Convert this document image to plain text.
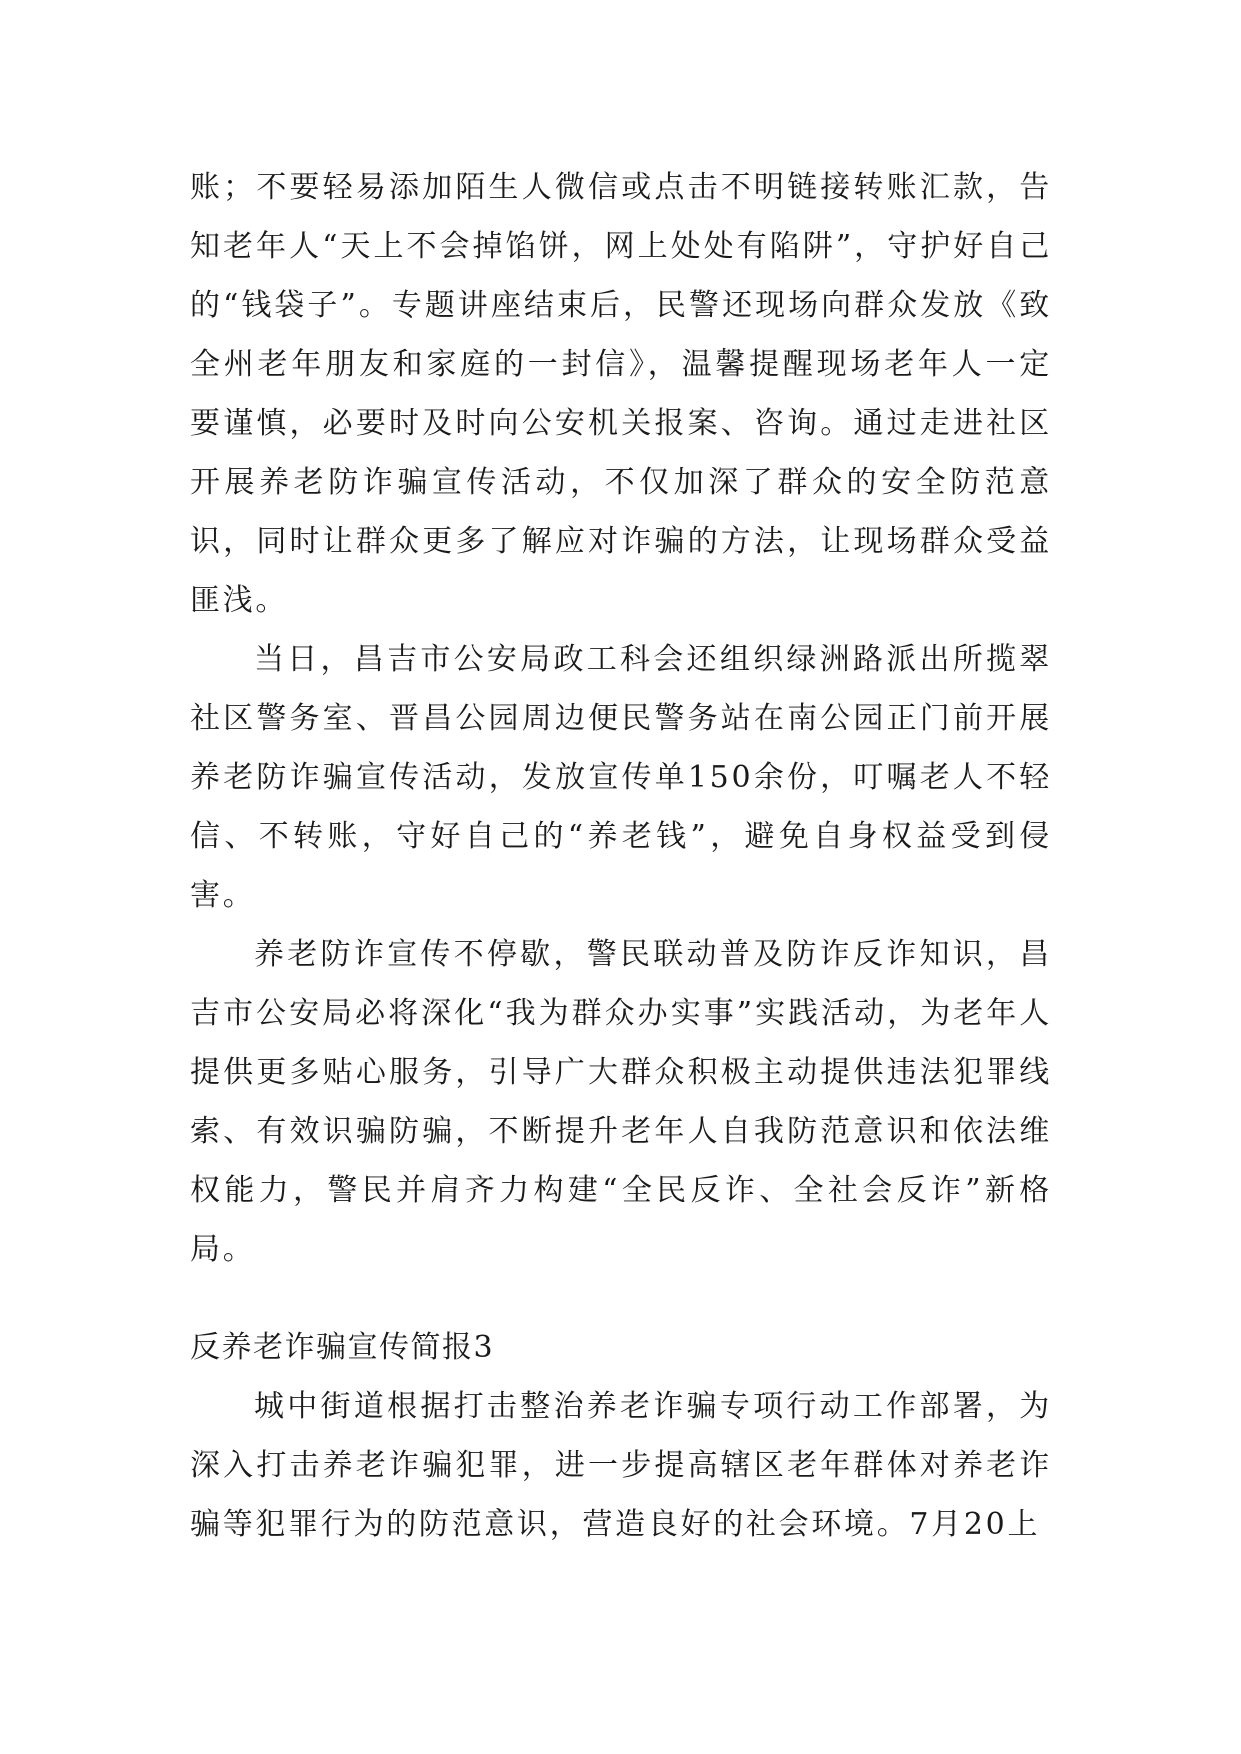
账；不要轻易添加陌生人微信或点击不明链接转账汇款，告知老年人“天上不会掉馅饼，网上处处有陷阱”，守护好自己的“钱袋子”。专题讲座结束后，民警还现场向群众发放《致全州老年朋友和家庭的一封信》，温馨提醒现场老年人一定要谨慎，必要时及时向公安机关报案、咨询。通过走进社区开展养老防诈骗宣传活动，不仅加深了群众的安全防范意识，同时让群众更多了解应对诈骗的方法，让现场群众受益匪浅。

当日，昌吉市公安局政工科会还组织绿洲路派出所揽翠社区警务室、晋昌公园周边便民警务站在南公园正门前开展养老防诈骗宣传活动，发放宣传单150余份，叮嘱老人不轻信、不转账，守好自己的“养老钱”，避免自身权益受到侵害。

养老防诈宣传不停歇，警民联动普及防诈反诈知识，昌吉市公安局必将深化“我为群众办实事”实践活动，为老年人提供更多贴心服务，引导广大群众积极主动提供违法犯罪线索、有效识骗防骗，不断提升老年人自我防范意识和依法维权能力，警民并肩齐力构建“全民反诈、全社会反诈”新格局。

反养老诈骗宣传简报3

城中街道根据打击整治养老诈骗专项行动工作部署，为深入打击养老诈骗犯罪，进一步提高辖区老年群体对养老诈骗等犯罪行为的防范意识，营造良好的社会环境。7月20上
